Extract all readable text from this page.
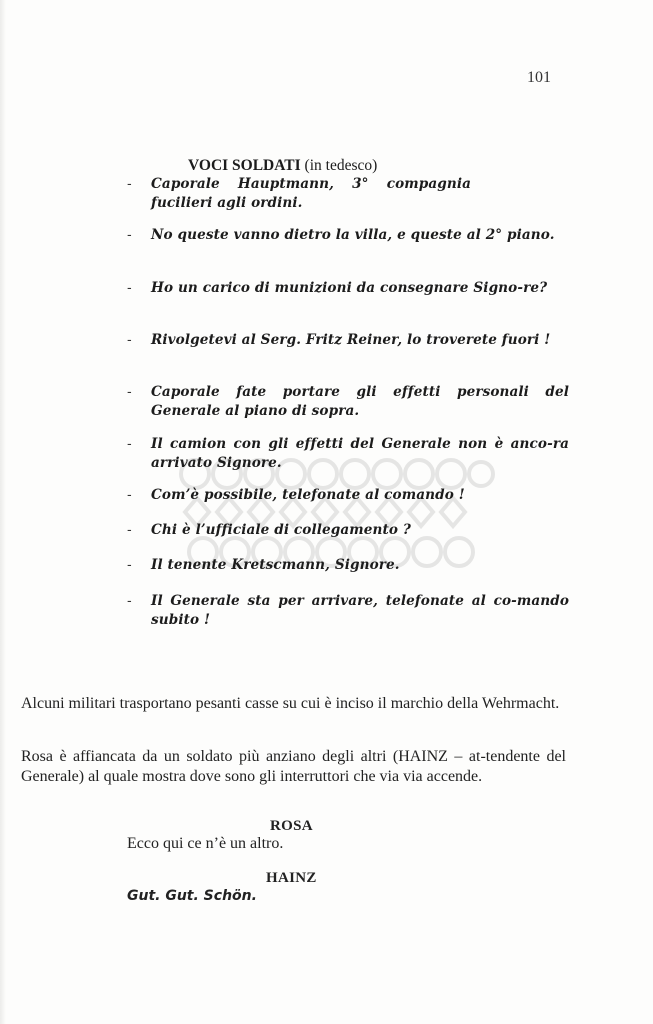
101
VOCI SOLDATI (in tedesco)
- Caporale Hauptmann, 3° compagnia fucilieri agli ordini.
- No queste vanno dietro la villa, e queste al 2° piano.
- Ho un carico di munizioni da consegnare Signo-re?
- Rivolgetevi al Serg. Fritz Reiner, lo troverete fuori !
- Caporale fate portare gli effetti personali del Generale al piano di sopra.
- Il camion con gli effetti del Generale non è anco-ra arrivato Signore.
- Com’è possibile, telefonate al comando !
- Chi è l’ufficiale di collegamento ?
- Il tenente Kretscmann, Signore.
- Il Generale sta per arrivare, telefonate al co-mando subito !

Alcuni militari trasportano pesanti casse su cui è inciso il marchio della Wehrmacht.

Rosa è affiancata da un soldato più anziano degli altri (HAINZ – at-tendente del Generale) al quale mostra dove sono gli interruttori che via via accende.

ROSA
Ecco qui ce n’è un altro.
HAINZ
Gut. Gut. Schön.
